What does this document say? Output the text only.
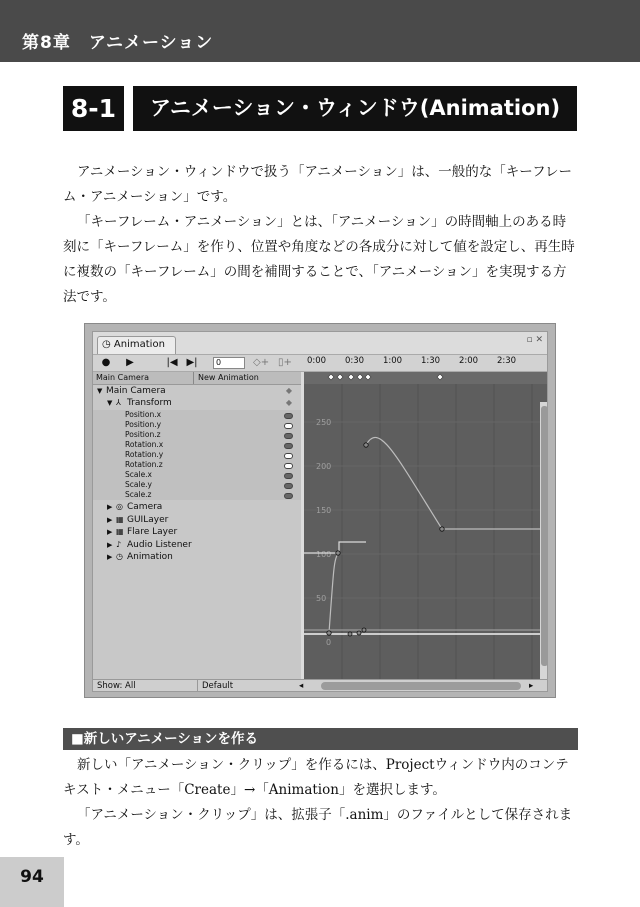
第8章　アニメーション
8-1	アニメーション・ウィンドウ(Animation)

アニメーション・ウィンドウで扱う「アニメーション」は、一般的な「キーフレーム・アニメーション」です。

「キーフレーム・アニメーション」とは、「アニメーション」の時間軸上のある時刻に「キーフレーム」を作り、位置や角度などの各成分に対して値を設定し、再生時に複数の「キーフレーム」の間を補間することで、「アニメーション」を実現する方法です。

◷ Animation	▫ ✕
●	▶	|◀ ▶|	0	◇+ ▯+ 0:00 0:30 1:00 1:30 2:00 2:30
Main Camera	New Animation
▼ Main Camera	◆
▼ ⅄ Transform	◆
Position.x
Position.y
Position.z
Rotation.x
Rotation.y
Rotation.z
Scale.x
Scale.y
Scale.z
▶ ◎ Camera
▶ ▦ GUILayer
▶ ▦ Flare Layer
▶ ♪ Audio Listener
▶ ◷ Animation
250
200
150
100
50
0
Show: All	Default	◂	▸
■新しいアニメーションを作る

新しい「アニメーション・クリップ」を作るには、Projectウィンドウ内のコンテキスト・メニュー「Create」→「Animation」を選択します。

「アニメーション・クリップ」は、拡張子「.anim」のファイルとして保存されます。

94
